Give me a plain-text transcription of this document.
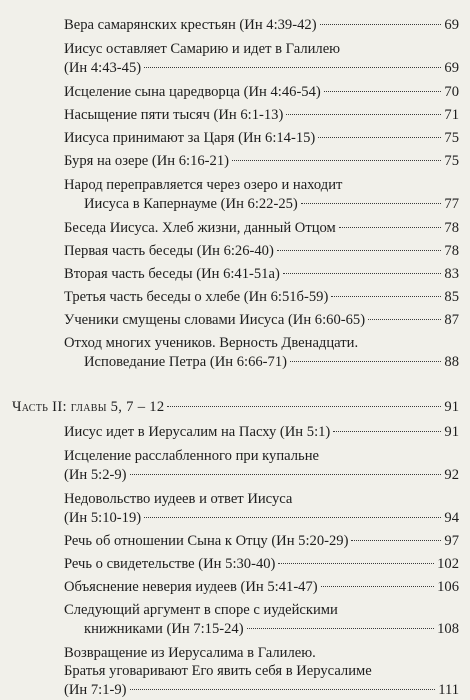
Вера самарянских крестьян (Ин 4:39-42)	69
Иисус оставляет Самарию и идет в Галилею
(Ин 4:43-45)	69
Исцеление сына царедворца (Ин 4:46-54)	70
Насыщение пяти тысяч (Ин 6:1-13)	71
Иисуса принимают за Царя (Ин 6:14-15)	75
Буря на озере (Ин 6:16-21)	75
Народ переправляется через озеро и находит
Иисуса в Капернауме (Ин 6:22-25)	77
Беседа Иисуса. Хлеб жизни, данный Отцом	78
Первая часть беседы (Ин 6:26-40)	78
Вторая часть беседы (Ин 6:41-51а)	83
Третья часть беседы о хлебе (Ин 6:51б-59)	85
Ученики смущены словами Иисуса (Ин 6:60-65)	87
Отход многих учеников. Верность Двенадцати.
Исповедание Петра (Ин 6:66-71)	88
Часть II: главы 5, 7 – 12	91
Иисус идет в Иерусалим на Пасху (Ин 5:1)	91
Исцеление расслабленного при купальне
(Ин 5:2-9)	92
Недовольство иудеев и ответ Иисуса
(Ин 5:10-19)	94
Речь об отношении Сына к Отцу (Ин 5:20-29)	97
Речь о свидетельстве (Ин 5:30-40)	102
Объяснение неверия иудеев (Ин 5:41-47)	106
Следующий аргумент в споре с иудейскими
книжниками (Ин 7:15-24)	108
Возвращение из Иерусалима в Галилею.
Братья уговаривают Его явить себя в Иерусалиме
(Ин 7:1-9)	111
